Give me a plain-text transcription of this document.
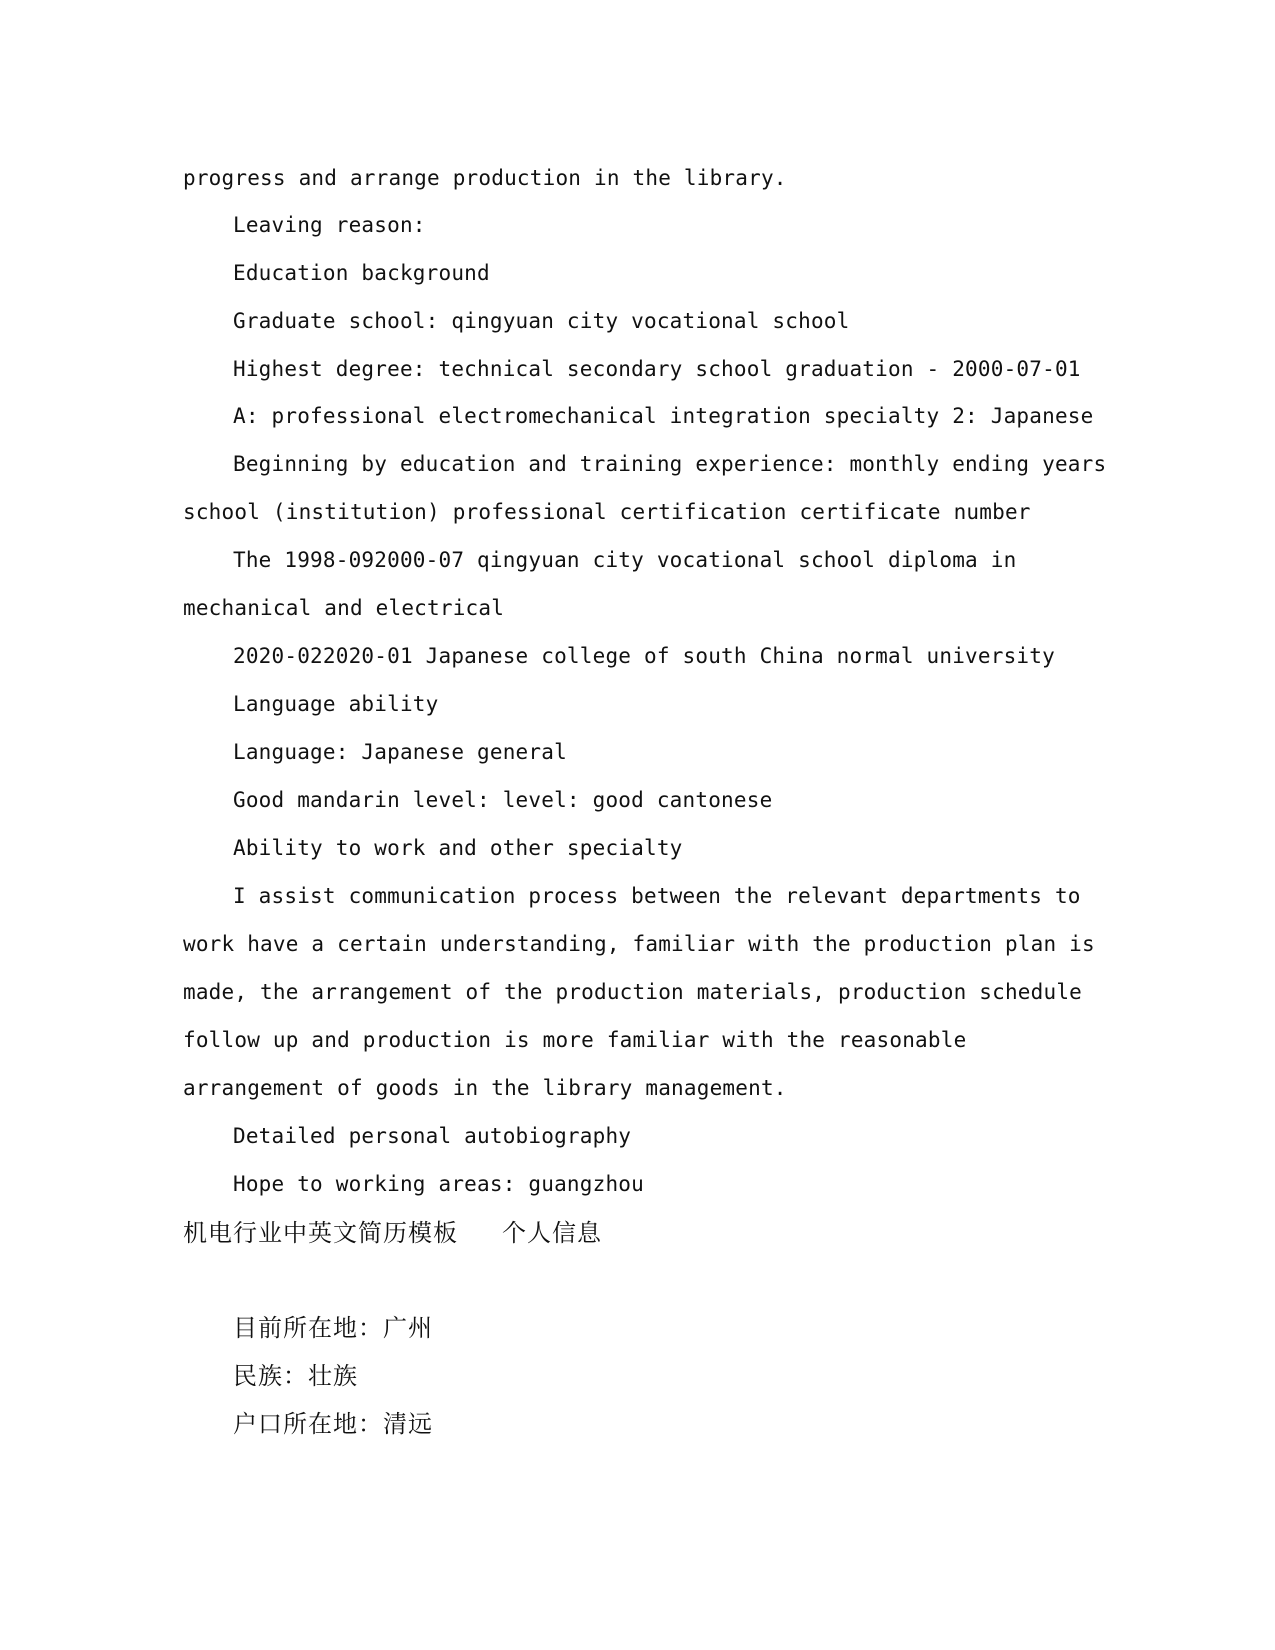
progress and arrange production in the library.
Leaving reason:
Education background
Graduate school: qingyuan city vocational school
Highest degree: technical secondary school graduation - 2000-07-01
A: professional electromechanical integration specialty 2: Japanese
Beginning by education and training experience: monthly ending years
school (institution) professional certification certificate number
The 1998-092000-07 qingyuan city vocational school diploma in
mechanical and electrical
2020-022020-01 Japanese college of south China normal university
Language ability
Language: Japanese general
Good mandarin level: level: good cantonese
Ability to work and other specialty
I assist communication process between the relevant departments to
work have a certain understanding, familiar with the production plan is
made, the arrangement of the production materials, production schedule
follow up and production is more familiar with the reasonable
arrangement of goods in the library management.
Detailed personal autobiography
Hope to working areas: guangzhou
机电行业中英文简历模板 个人信息
目前所在地：广州
民族：壮族
户口所在地：清远
